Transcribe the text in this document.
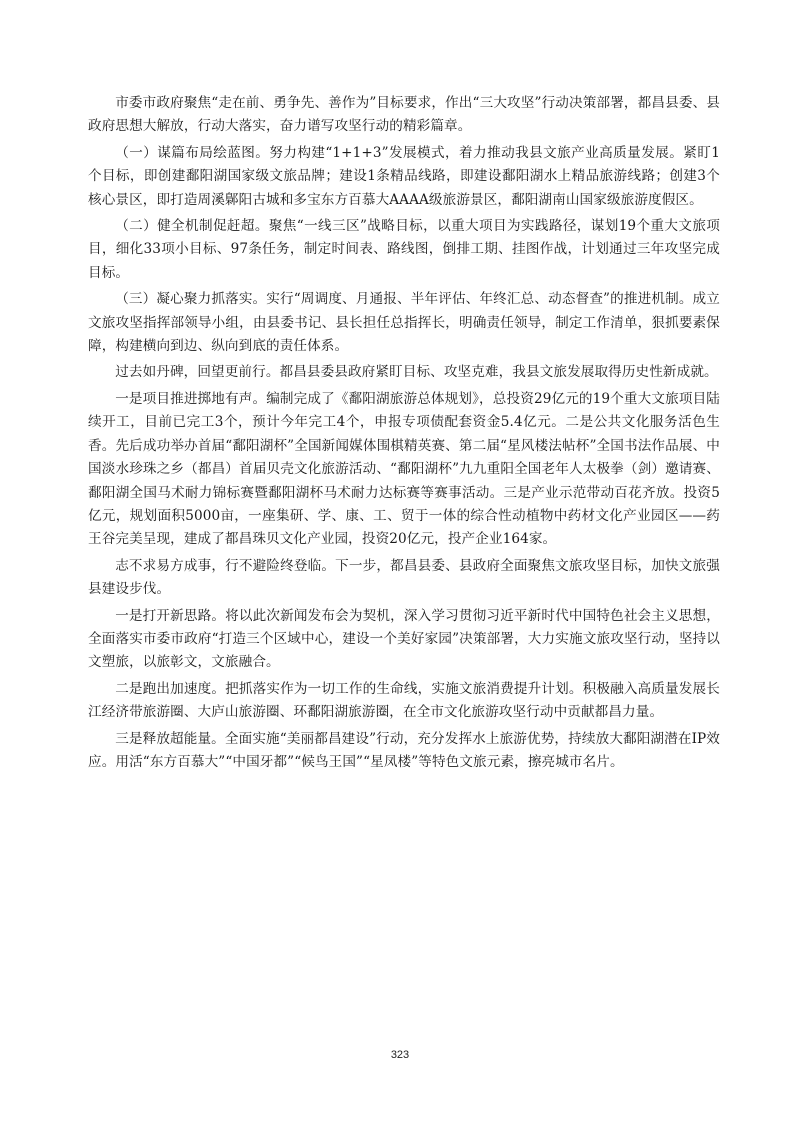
市委市政府聚焦“走在前、勇争先、善作为”目标要求，作出“三大攻坚”行动决策部署，都昌县委、县政府思想大解放，行动大落实，奋力谱写攻坚行动的精彩篇章。

（一）谋篇布局绘蓝图。努力构建“1+1+3”发展模式，着力推动我县文旅产业高质量发展。紧盯1个目标，即创建鄱阳湖国家级文旅品牌；建设1条精品线路，即建设鄱阳湖水上精品旅游线路；创建3个核心景区，即打造周溪鄡阳古城和多宝东方百慕大AAAA级旅游景区，鄱阳湖南山国家级旅游度假区。

（二）健全机制促赶超。聚焦“一线三区”战略目标，以重大项目为实践路径，谋划19个重大文旅项目，细化33项小目标、97条任务，制定时间表、路线图，倒排工期、挂图作战，计划通过三年攻坚完成目标。

（三）凝心聚力抓落实。实行“周调度、月通报、半年评估、年终汇总、动态督查”的推进机制。成立文旅攻坚指挥部领导小组，由县委书记、县长担任总指挥长，明确责任领导，制定工作清单，狠抓要素保障，构建横向到边、纵向到底的责任体系。

过去如丹碑，回望更前行。都昌县委县政府紧盯目标、攻坚克难，我县文旅发展取得历史性新成就。

一是项目推进掷地有声。编制完成了《鄱阳湖旅游总体规划》，总投资29亿元的19个重大文旅项目陆续开工，目前已完工3个，预计今年完工4个，申报专项债配套资金5.4亿元。二是公共文化服务活色生香。先后成功举办首届“鄱阳湖杯”全国新闻媒体围棋精英赛、第二届“星风楼法帖杯”全国书法作品展、中国淡水珍珠之乡（都昌）首届贝壳文化旅游活动、“鄱阳湖杯”九九重阳全国老年人太极拳（剑）邀请赛、鄱阳湖全国马术耐力锦标赛暨鄱阳湖杯马术耐力达标赛等赛事活动。三是产业示范带动百花齐放。投资5亿元，规划面积5000亩，一座集研、学、康、工、贸于一体的综合性动植物中药材文化产业园区——药王谷完美呈现，建成了都昌珠贝文化产业园，投资20亿元，投产企业164家。

志不求易方成事，行不避险终登临。下一步，都昌县委、县政府全面聚焦文旅攻坚目标，加快文旅强县建设步伐。

一是打开新思路。将以此次新闻发布会为契机，深入学习贯彻习近平新时代中国特色社会主义思想，全面落实市委市政府“打造三个区域中心，建设一个美好家园”决策部署，大力实施文旅攻坚行动，坚持以文塑旅，以旅彰文，文旅融合。

二是跑出加速度。把抓落实作为一切工作的生命线，实施文旅消费提升计划。积极融入高质量发展长江经济带旅游圈、大庐山旅游圈、环鄱阳湖旅游圈，在全市文化旅游攻坚行动中贡献都昌力量。

三是释放超能量。全面实施“美丽都昌建设”行动，充分发挥水上旅游优势，持续放大鄱阳湖潜在IP效应。用活“东方百慕大”“中国牙都”“候鸟王国”“星凤楼”等特色文旅元素，擦亮城市名片。

323
